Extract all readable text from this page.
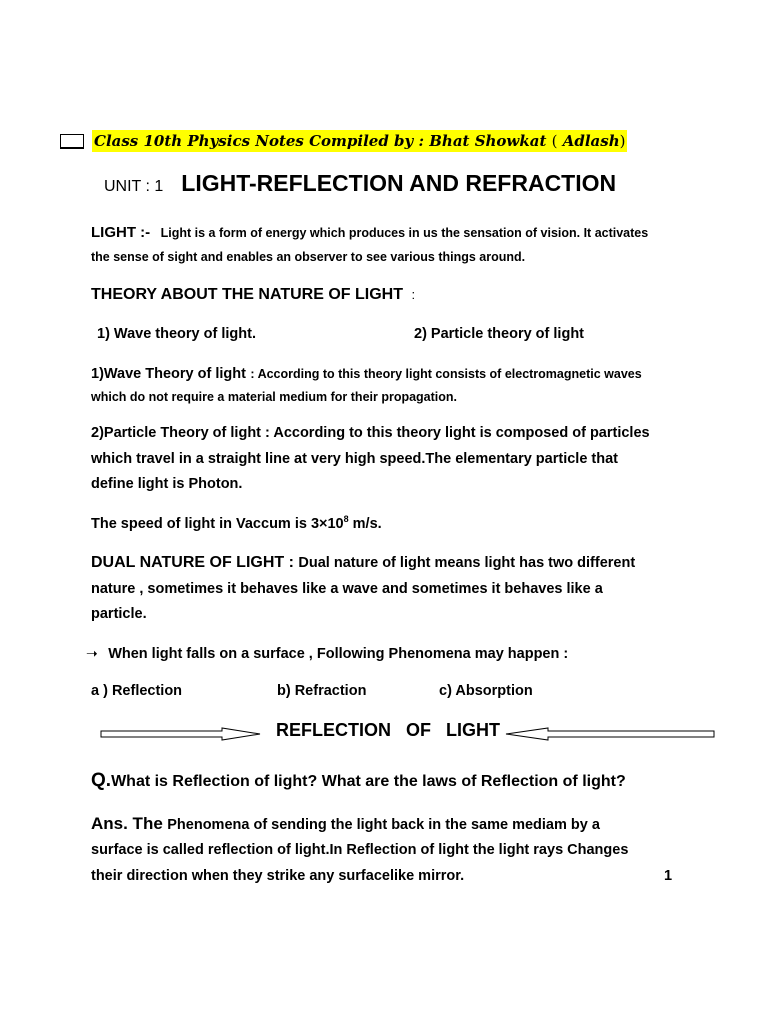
Class 10th Physics Notes Compiled by : Bhat Showkat ( Adlash)
UNIT : 1 LIGHT-REFLECTION AND REFRACTION
LIGHT :- Light is a form of energy which produces in us the sensation of vision. It activates
the sense of sight and enables an observer to see various things around.
THEORY ABOUT THE NATURE OF LIGHT :
1) Wave theory of light.	2) Particle theory of light
1)Wave Theory of light : According to this theory light consists of electromagnetic waves
which do not require a material medium for their propagation.
2)Particle Theory of light : According to this theory light is composed of particles
which travel in a straight line at very high speed.The elementary particle that
define light is Photon.
The speed of light in Vaccum is $3\times 10^8$ m/s.
DUAL NATURE OF LIGHT : Dual nature of light means light has two different
nature , sometimes it behaves like a wave and sometimes it behaves like a
particle.
➝ When light falls on a surface , Following Phenomena may happen :
a ) Reflection	b) Refraction	c) Absorption
REFLECTION OF LIGHT
Q.What is Reflection of light? What are the laws of Reflection of light?
Ans. The Phenomena of sending the light back in the same mediam by a
surface is called reflection of light.In Reflection of light the light rays Changes
their direction when they strike any surfacelike mirror.	1
